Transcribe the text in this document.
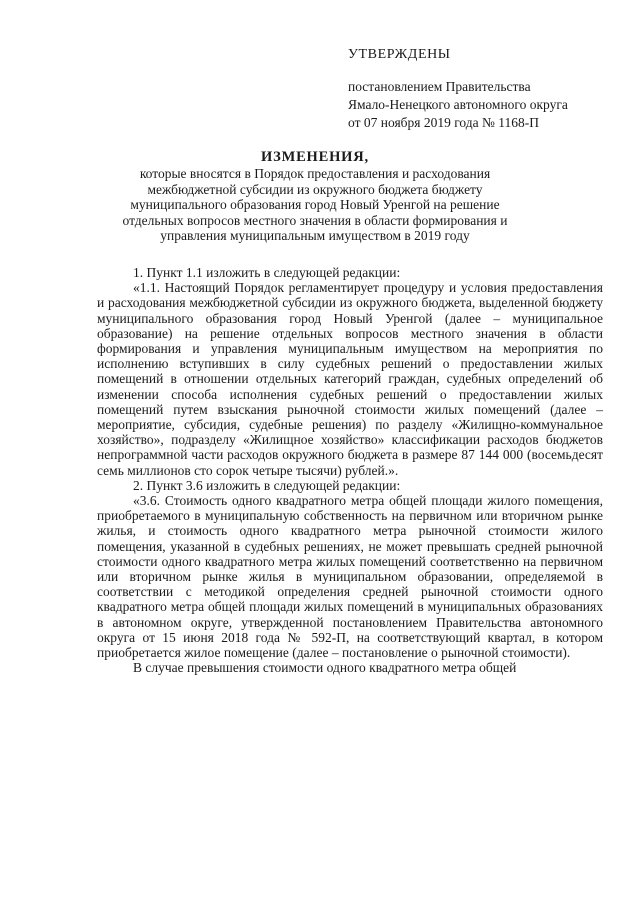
УТВЕРЖДЕНЫ
постановлением Правительства
Ямало-Ненецкого автономного округа
от 07 ноября 2019 года № 1168-П
ИЗМЕНЕНИЯ,
которые вносятся в Порядок предоставления и расходования межбюджетной субсидии из окружного бюджета бюджету муниципального образования город Новый Уренгой на решение отдельных вопросов местного значения в области формирования и управления муниципальным имуществом в 2019 году

1. Пункт 1.1 изложить в следующей редакции:

«1.1. Настоящий Порядок регламентирует процедуру и условия предоставления и расходования межбюджетной субсидии из окружного бюджета, выделенной бюджету муниципального образования город Новый Уренгой (далее – муниципальное образование) на решение отдельных вопросов местного значения в области формирования и управления муниципальным имуществом на мероприятия по исполнению вступивших в силу судебных решений о предоставлении жилых помещений в отношении отдельных категорий граждан, судебных определений об изменении способа исполнения судебных решений о предоставлении жилых помещений путем взыскания рыночной стоимости жилых помещений (далее – мероприятие, субсидия, судебные решения) по разделу «Жилищно-коммунальное хозяйство», подразделу «Жилищное хозяйство» классификации расходов бюджетов непрограммной части расходов окружного бюджета в размере 87 144 000 (восемьдесят семь миллионов сто сорок четыре тысячи) рублей.».

2. Пункт 3.6 изложить в следующей редакции:

«3.6. Стоимость одного квадратного метра общей площади жилого помещения, приобретаемого в муниципальную собственность на первичном или вторичном рынке жилья, и стоимость одного квадратного метра рыночной стоимости жилого помещения, указанной в судебных решениях, не может превышать средней рыночной стоимости одного квадратного метра жилых помещений соответственно на первичном или вторичном рынке жилья в муниципальном образовании, определяемой в соответствии с методикой определения средней рыночной стоимости одного квадратного метра общей площади жилых помещений в муниципальных образованиях в автономном округе, утвержденной постановлением Правительства автономного округа от 15 июня 2018 года № 592-П, на соответствующий квартал, в котором приобретается жилое помещение (далее – постановление о рыночной стоимости).

В случае превышения стоимости одного квадратного метра общей
